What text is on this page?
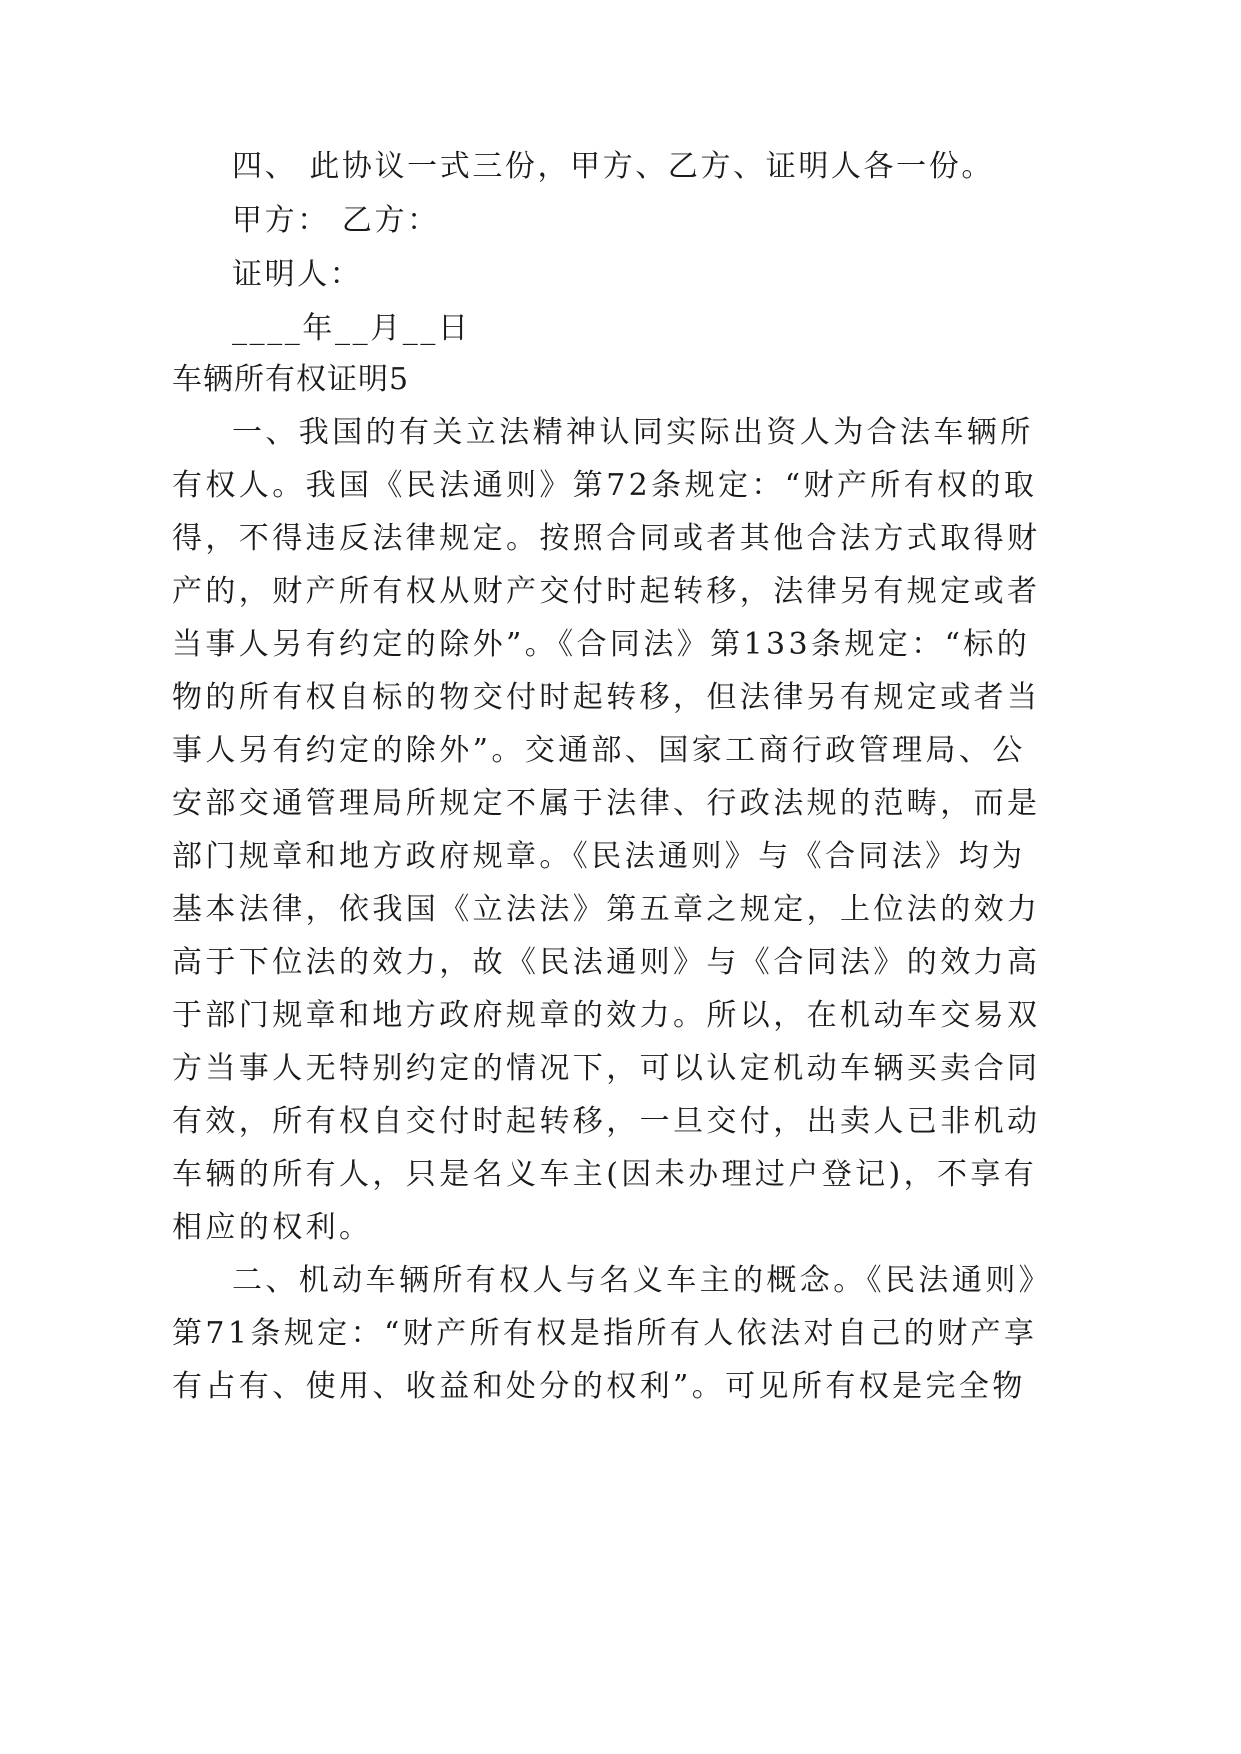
四、 此协议一式三份，甲方、乙方、证明人各一份。
甲方： 乙方：
证明人：
____年__月__日
车辆所有权证明5
一、我国的有关立法精神认同实际出资人为合法车辆所
有权人。我国《民法通则》第72条规定：“财产所有权的取
得，不得违反法律规定。按照合同或者其他合法方式取得财
产的，财产所有权从财产交付时起转移，法律另有规定或者
当事人另有约定的除外”。《合同法》第133条规定：“标的
物的所有权自标的物交付时起转移，但法律另有规定或者当
事人另有约定的除外”。交通部、国家工商行政管理局、公
安部交通管理局所规定不属于法律、行政法规的范畴，而是
部门规章和地方政府规章。《民法通则》与《合同法》均为
基本法律，依我国《立法法》第五章之规定，上位法的效力
高于下位法的效力，故《民法通则》与《合同法》的效力高
于部门规章和地方政府规章的效力。所以，在机动车交易双
方当事人无特别约定的情况下，可以认定机动车辆买卖合同
有效，所有权自交付时起转移，一旦交付，出卖人已非机动
车辆的所有人，只是名义车主(因未办理过户登记)，不享有
相应的权利。
二、机动车辆所有权人与名义车主的概念。《民法通则》
第71条规定：“财产所有权是指所有人依法对自己的财产享
有占有、使用、收益和处分的权利”。可见所有权是完全物
